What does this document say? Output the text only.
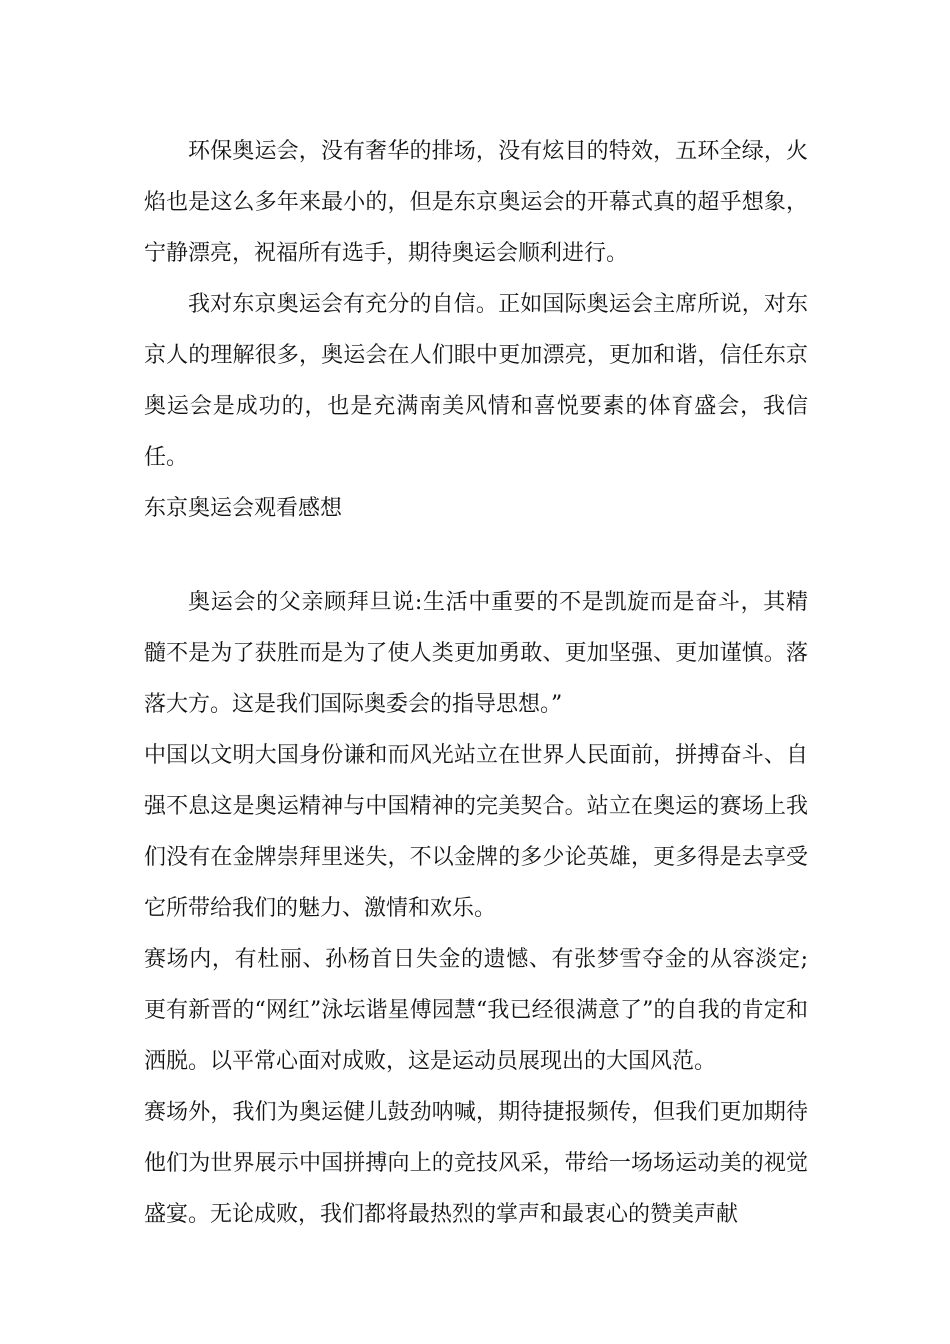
环保奥运会，没有奢华的排场，没有炫目的特效，五环全绿，火焰也是这么多年来最小的，但是东京奥运会的开幕式真的超乎想象，宁静漂亮，祝福所有选手，期待奥运会顺利进行。

我对东京奥运会有充分的自信。正如国际奥运会主席所说，对东京人的理解很多，奥运会在人们眼中更加漂亮，更加和谐，信任东京奥运会是成功的，也是充满南美风情和喜悦要素的体育盛会，我信任。

东京奥运会观看感想

奥运会的父亲顾拜旦说:生活中重要的不是凯旋而是奋斗，其精髓不是为了获胜而是为了使人类更加勇敢、更加坚强、更加谨慎。落落大方。这是我们国际奥委会的指导思想。”

中国以文明大国身份谦和而风光站立在世界人民面前，拼搏奋斗、自强不息这是奥运精神与中国精神的完美契合。站立在奥运的赛场上我们没有在金牌崇拜里迷失，不以金牌的多少论英雄，更多得是去享受它所带给我们的魅力、激情和欢乐。

赛场内，有杜丽、孙杨首日失金的遗憾、有张梦雪夺金的从容淡定;更有新晋的“网红”泳坛谐星傅园慧“我已经很满意了”的自我的肯定和洒脱。以平常心面对成败，这是运动员展现出的大国风范。

赛场外，我们为奥运健儿鼓劲呐喊，期待捷报频传，但我们更加期待他们为世界展示中国拼搏向上的竞技风采，带给一场场运动美的视觉盛宴。无论成败，我们都将最热烈的掌声和最衷心的赞美声献
